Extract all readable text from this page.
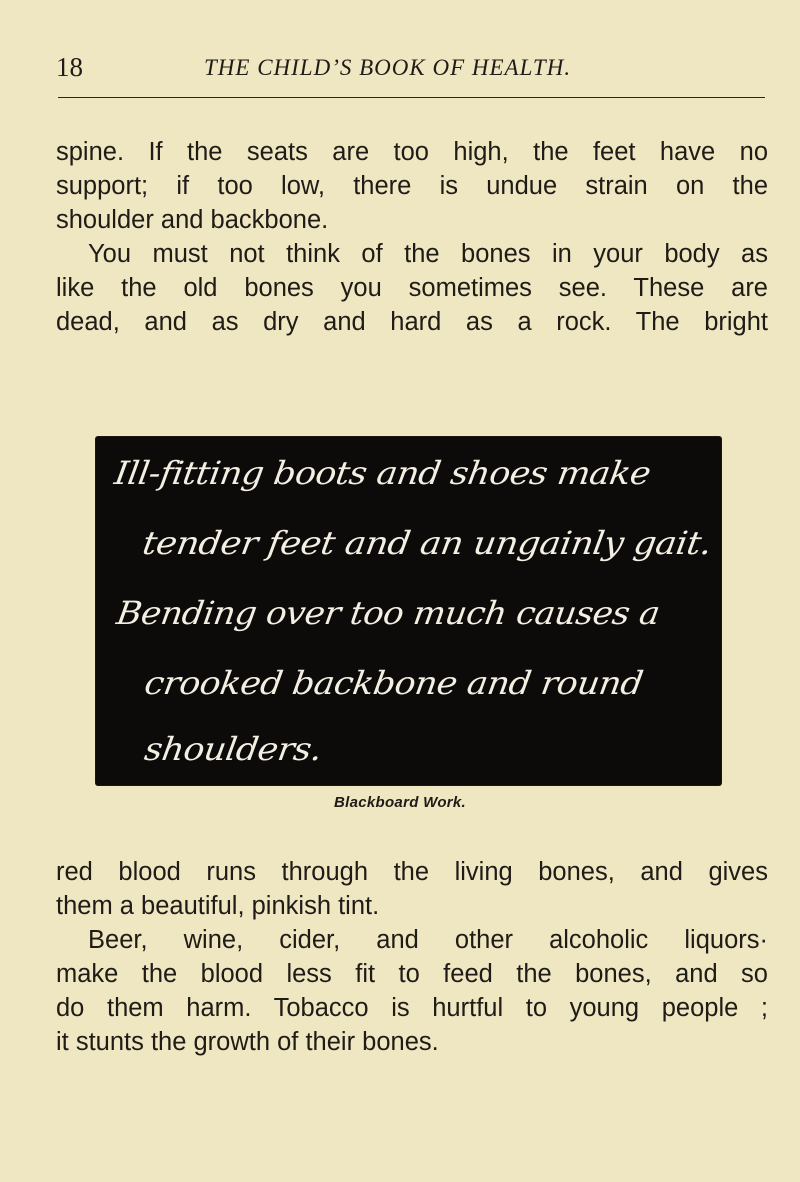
18	THE CHILD’S BOOK OF HEALTH.
spine. If the seats are too high, the feet have no
support; if too low, there is undue strain on the
shoulder and backbone.
You must not think of the bones in your body as
like the old bones you sometimes see. These are
dead, and as dry and hard as a rock. The bright
Ill-fitting boots and shoes make
tender feet and an ungainly gait.
Bending over too much causes a
crooked backbone and round
shoulders.
Blackboard Work.
red blood runs through the living bones, and gives
them a beautiful, pinkish tint.
Beer, wine, cider, and other alcoholic liquors·
make the blood less fit to feed the bones, and so
do them harm. Tobacco is hurtful to young people ;
it stunts the growth of their bones.
